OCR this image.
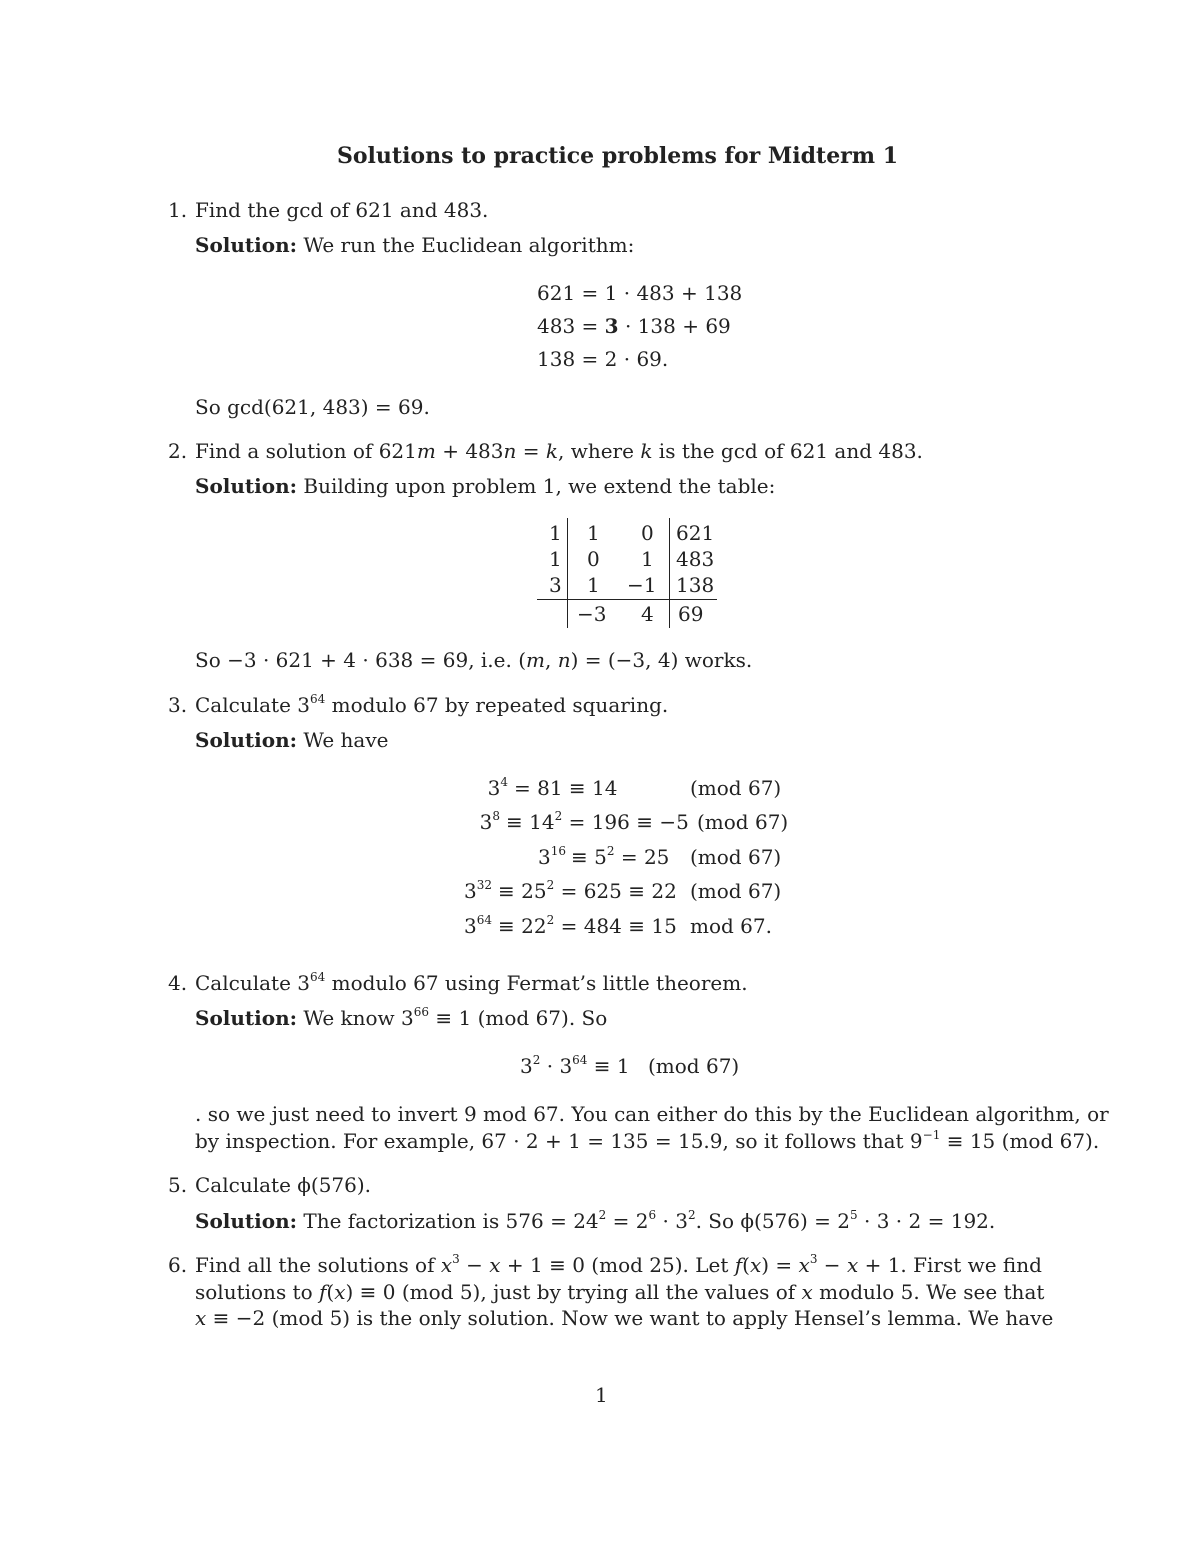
Solutions to practice problems for Midterm 1
1. Find the gcd of 621 and 483.
Solution: We run the Euclidean algorithm:
621 = 1 · 483 + 138
483 = 3 · 138 + 69
138 = 2 · 69.
So gcd(621, 483) = 69.
2. Find a solution of 621m + 483n = k, where k is the gcd of 621 and 483.
Solution: Building upon problem 1, we extend the table:
1 1 0 621
1 0 1 483
3 1 −1 138
−3 4 69
So −3 · 621 + 4 · 638 = 69, i.e. (m, n) = (−3, 4) works.
3. Calculate $3^{64}$ modulo 67 by repeated squaring.
Solution: We have
$3^4 = 81 \equiv 14$	(mod 67)
$3^8 \equiv 14^2 = 196 \equiv -5$ (mod 67)
$3^{16} \equiv 5^2 = 25$ (mod 67)
$3^{32} \equiv 25^2 = 625 \equiv 22$ (mod 67)
$3^{64} \equiv 22^2 = 484 \equiv 15$ mod 67.
4. Calculate $3^{64}$ modulo 67 using Fermat’s little theorem.
Solution: We know $3^{66} \equiv 1$ (mod 67). So
$3^2 \cdot 3^{64} \equiv 1$ (mod 67)
. so we just need to invert 9 mod 67. You can either do this by the Euclidean algorithm, or
by inspection. For example, 67 · 2 + 1 = 135 = 15.9, so it follows that $9^{-1} \equiv 15$ (mod 67).
5. Calculate ϕ(576).
Solution: The factorization is $576 = 24^2 = 2^6 \cdot 3^2$. So $\phi(576) = 2^5 \cdot 3 \cdot 2 = 192$.
6. Find all the solutions of $x^3 - x + 1 \equiv 0$ (mod 25). Let $f(x) = x^3 - x + 1$. First we find
solutions to f(x) ≡ 0 (mod 5), just by trying all the values of x modulo 5. We see that
x ≡ −2 (mod 5) is the only solution. Now we want to apply Hensel’s lemma. We have
1
